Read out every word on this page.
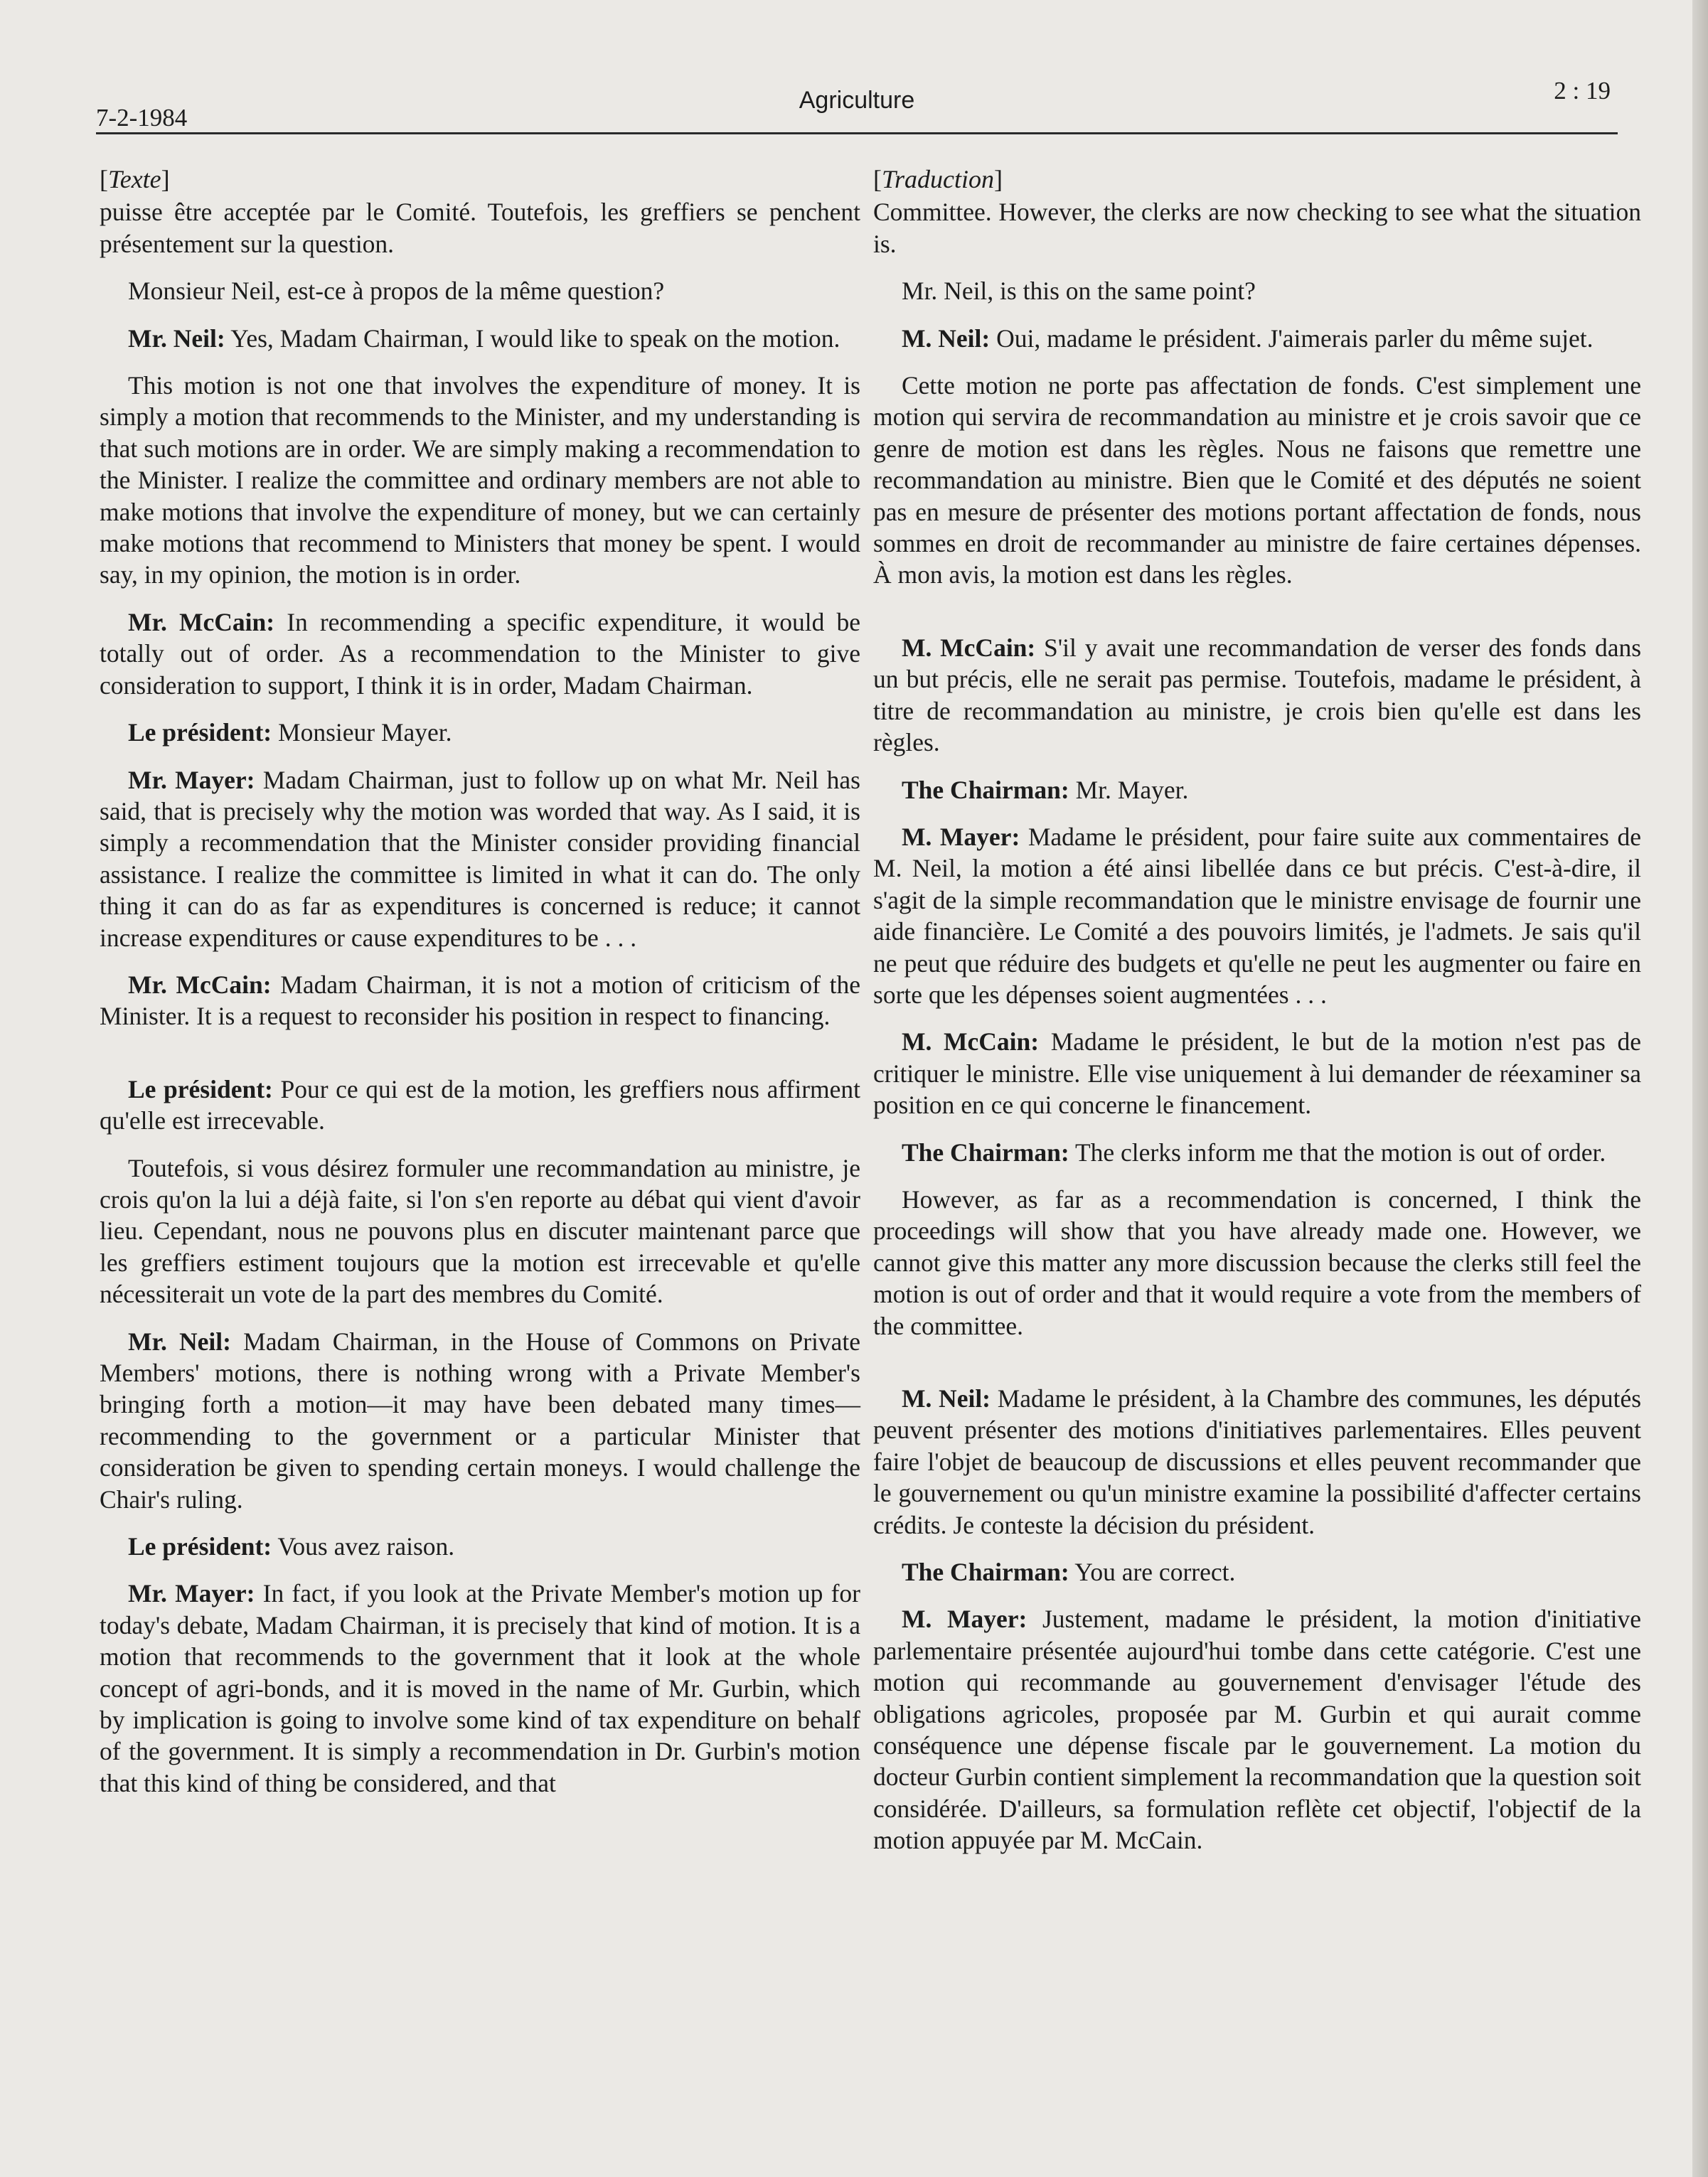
7-2-1984
Agriculture	2 : 19
[Texte]

puisse être acceptée par le Comité. Toutefois, les greffiers se penchent présentement sur la question.

Monsieur Neil, est-ce à propos de la même question?

Mr. Neil: Yes, Madam Chairman, I would like to speak on the motion.

This motion is not one that involves the expenditure of money. It is simply a motion that recommends to the Minister, and my understanding is that such motions are in order. We are simply making a recommendation to the Minister. I realize the committee and ordinary members are not able to make motions that involve the expenditure of money, but we can certainly make motions that recommend to Ministers that money be spent. I would say, in my opinion, the motion is in order.

Mr. McCain: In recommending a specific expenditure, it would be totally out of order. As a recommendation to the Minister to give consideration to support, I think it is in order, Madam Chairman.

Le président: Monsieur Mayer.

Mr. Mayer: Madam Chairman, just to follow up on what Mr. Neil has said, that is precisely why the motion was worded that way. As I said, it is simply a recommendation that the Minister consider providing financial assistance. I realize the committee is limited in what it can do. The only thing it can do as far as expenditures is concerned is reduce; it cannot increase expenditures or cause expenditures to be . . .

Mr. McCain: Madam Chairman, it is not a motion of criticism of the Minister. It is a request to reconsider his position in respect to financing.

Le président: Pour ce qui est de la motion, les greffiers nous affirment qu'elle est irrecevable.

Toutefois, si vous désirez formuler une recommandation au ministre, je crois qu'on la lui a déjà faite, si l'on s'en reporte au débat qui vient d'avoir lieu. Cependant, nous ne pouvons plus en discuter maintenant parce que les greffiers estiment toujours que la motion est irrecevable et qu'elle nécessiterait un vote de la part des membres du Comité.

Mr. Neil: Madam Chairman, in the House of Commons on Private Members' motions, there is nothing wrong with a Private Member's bringing forth a motion—it may have been debated many times—recommending to the government or a particular Minister that consideration be given to spending certain moneys. I would challenge the Chair's ruling.

Le président: Vous avez raison.

Mr. Mayer: In fact, if you look at the Private Member's motion up for today's debate, Madam Chairman, it is precisely that kind of motion. It is a motion that recommends to the government that it look at the whole concept of agri-bonds, and it is moved in the name of Mr. Gurbin, which by implication is going to involve some kind of tax expenditure on behalf of the government. It is simply a recommendation in Dr. Gurbin's motion that this kind of thing be considered, and that

[Traduction]

Committee. However, the clerks are now checking to see what the situation is.

Mr. Neil, is this on the same point?

M. Neil: Oui, madame le président. J'aimerais parler du même sujet.

Cette motion ne porte pas affectation de fonds. C'est simplement une motion qui servira de recommandation au ministre et je crois savoir que ce genre de motion est dans les règles. Nous ne faisons que remettre une recommandation au ministre. Bien que le Comité et des députés ne soient pas en mesure de présenter des motions portant affectation de fonds, nous sommes en droit de recommander au ministre de faire certaines dépenses. À mon avis, la motion est dans les règles.

M. McCain: S'il y avait une recommandation de verser des fonds dans un but précis, elle ne serait pas permise. Toutefois, madame le président, à titre de recommandation au ministre, je crois bien qu'elle est dans les règles.

The Chairman: Mr. Mayer.

M. Mayer: Madame le président, pour faire suite aux commentaires de M. Neil, la motion a été ainsi libellée dans ce but précis. C'est-à-dire, il s'agit de la simple recommandation que le ministre envisage de fournir une aide financière. Le Comité a des pouvoirs limités, je l'admets. Je sais qu'il ne peut que réduire des budgets et qu'elle ne peut les augmenter ou faire en sorte que les dépenses soient augmentées . . .

M. McCain: Madame le président, le but de la motion n'est pas de critiquer le ministre. Elle vise uniquement à lui demander de réexaminer sa position en ce qui concerne le financement.

The Chairman: The clerks inform me that the motion is out of order.

However, as far as a recommendation is concerned, I think the proceedings will show that you have already made one. However, we cannot give this matter any more discussion because the clerks still feel the motion is out of order and that it would require a vote from the members of the committee.

M. Neil: Madame le président, à la Chambre des communes, les députés peuvent présenter des motions d'initiatives parlementaires. Elles peuvent faire l'objet de beaucoup de discussions et elles peuvent recommander que le gouvernement ou qu'un ministre examine la possibilité d'affecter certains crédits. Je conteste la décision du président.

The Chairman: You are correct.

M. Mayer: Justement, madame le président, la motion d'initiative parlementaire présentée aujourd'hui tombe dans cette catégorie. C'est une motion qui recommande au gouvernement d'envisager l'étude des obligations agricoles, proposée par M. Gurbin et qui aurait comme conséquence une dépense fiscale par le gouvernement. La motion du docteur Gurbin contient simplement la recommandation que la question soit considérée. D'ailleurs, sa formulation reflète cet objectif, l'objectif de la motion appuyée par M. McCain.
